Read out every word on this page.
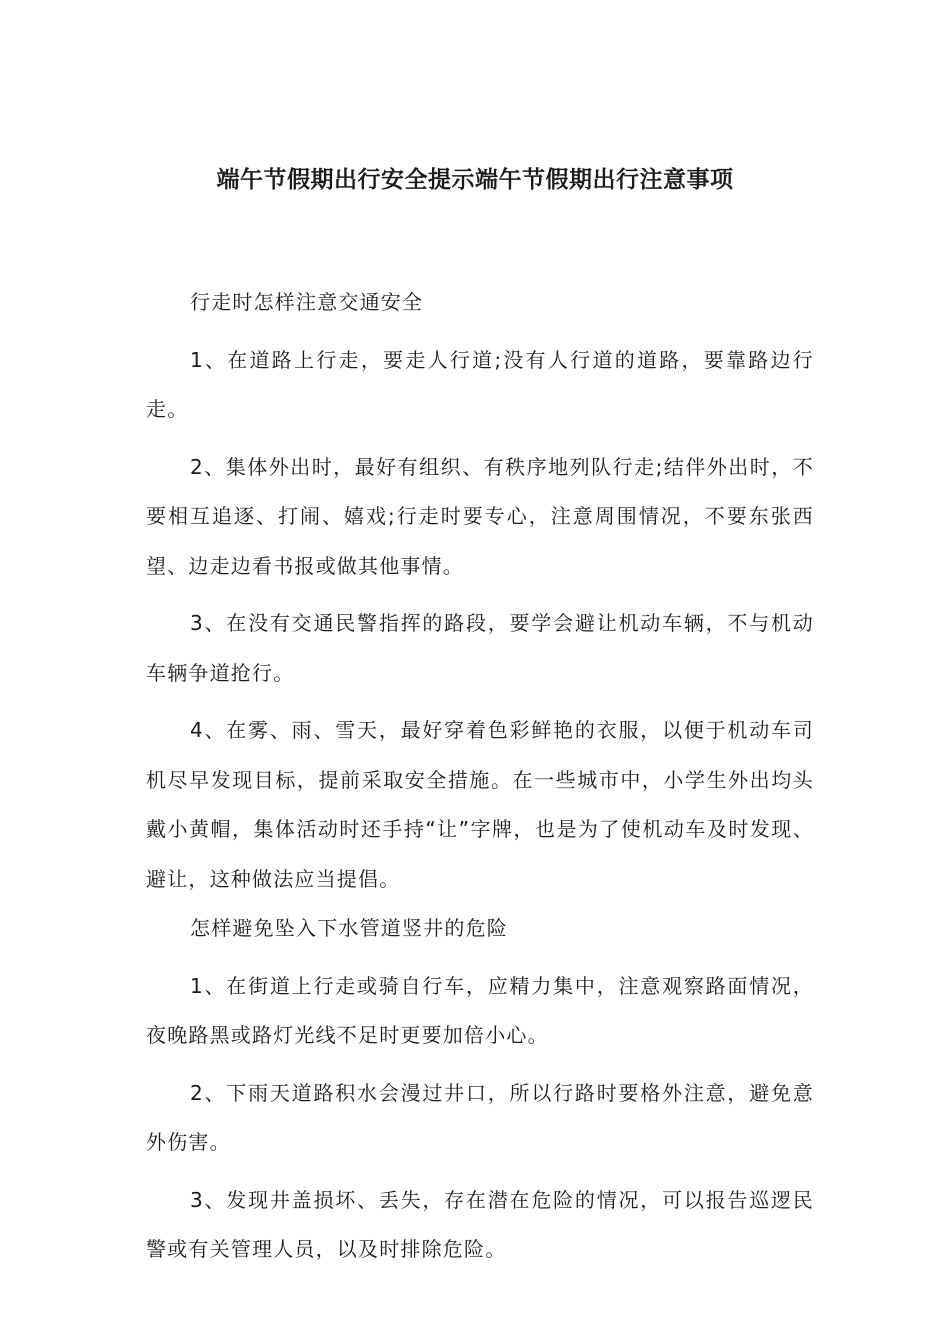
端午节假期出行安全提示端午节假期出行注意事项

行走时怎样注意交通安全

1、在道路上行走，要走人行道;没有人行道的道路，要靠路边行走。

2、集体外出时，最好有组织、有秩序地列队行走;结伴外出时，不要相互追逐、打闹、嬉戏;行走时要专心，注意周围情况，不要东张西望、边走边看书报或做其他事情。

3、在没有交通民警指挥的路段，要学会避让机动车辆，不与机动车辆争道抢行。

4、在雾、雨、雪天，最好穿着色彩鲜艳的衣服，以便于机动车司机尽早发现目标，提前采取安全措施。在一些城市中，小学生外出均头戴小黄帽，集体活动时还手持“让”字牌，也是为了使机动车及时发现、避让，这种做法应当提倡。

怎样避免坠入下水管道竖井的危险

1、在街道上行走或骑自行车，应精力集中，注意观察路面情况，夜晚路黑或路灯光线不足时更要加倍小心。

2、下雨天道路积水会漫过井口，所以行路时要格外注意，避免意外伤害。

3、发现井盖损坏、丢失，存在潜在危险的情况，可以报告巡逻民警或有关管理人员，以及时排除危险。
